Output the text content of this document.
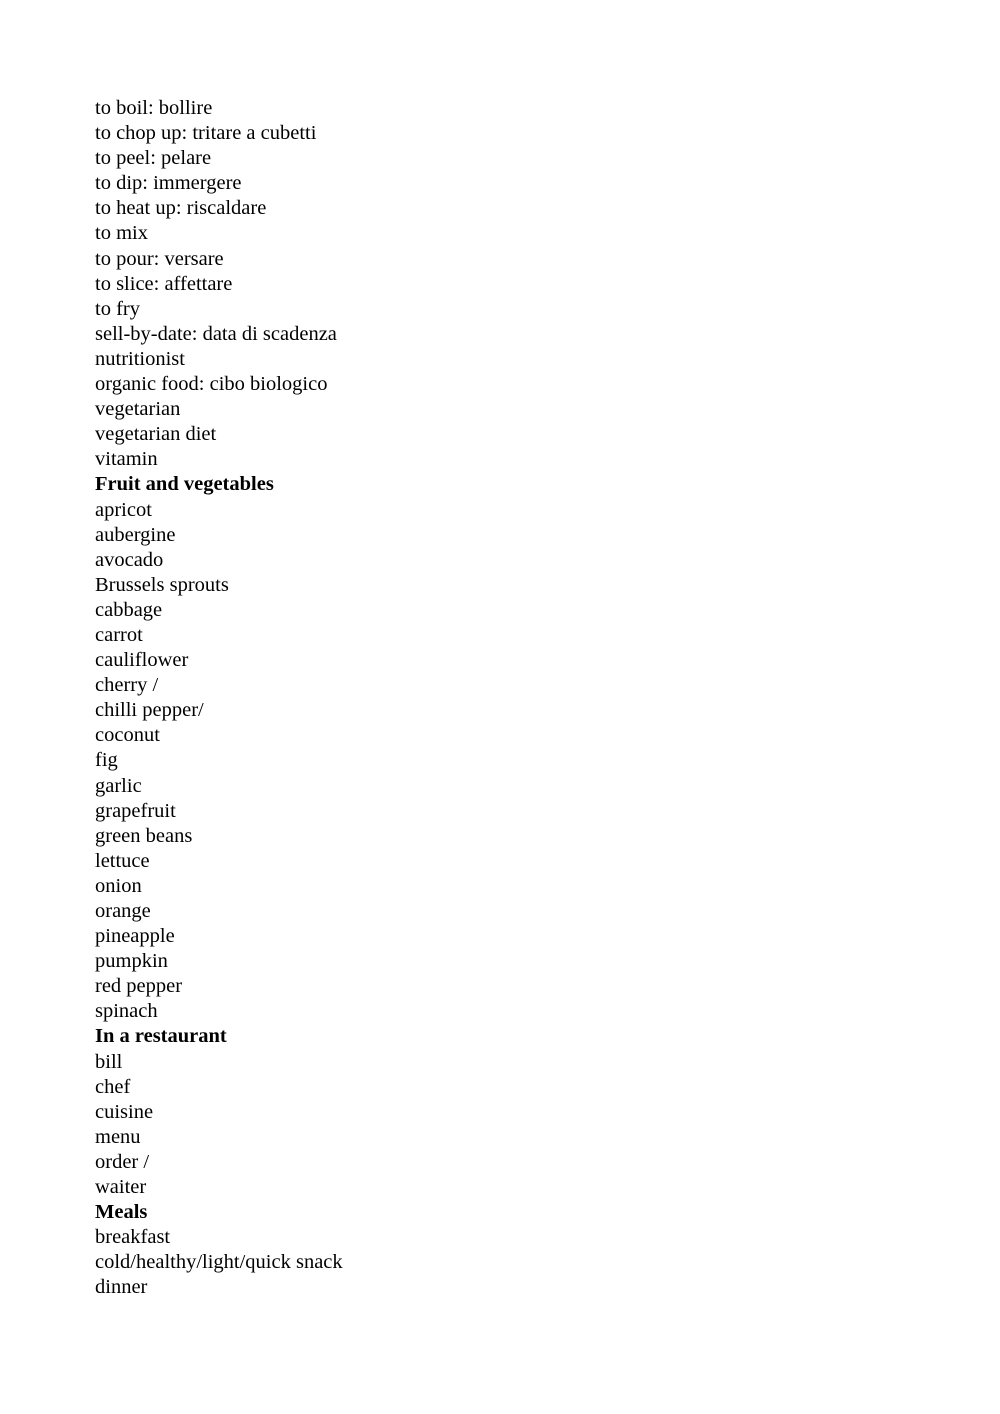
to boil: bollire
to chop up: tritare a cubetti
to peel: pelare
to dip: immergere
to heat up: riscaldare
to mix
to pour: versare
to slice: affettare
to fry
sell-by-date: data di scadenza
nutritionist
organic food: cibo biologico
vegetarian
vegetarian diet
vitamin
Fruit and vegetables
apricot
aubergine
avocado
Brussels sprouts
cabbage
carrot
cauliflower
cherry /
chilli pepper/
coconut
fig
garlic
grapefruit
green beans
lettuce
onion
orange
pineapple
pumpkin
red pepper
spinach
In a restaurant
bill
chef
cuisine
menu
order /
waiter
Meals
breakfast
cold/healthy/light/quick snack
dinner
